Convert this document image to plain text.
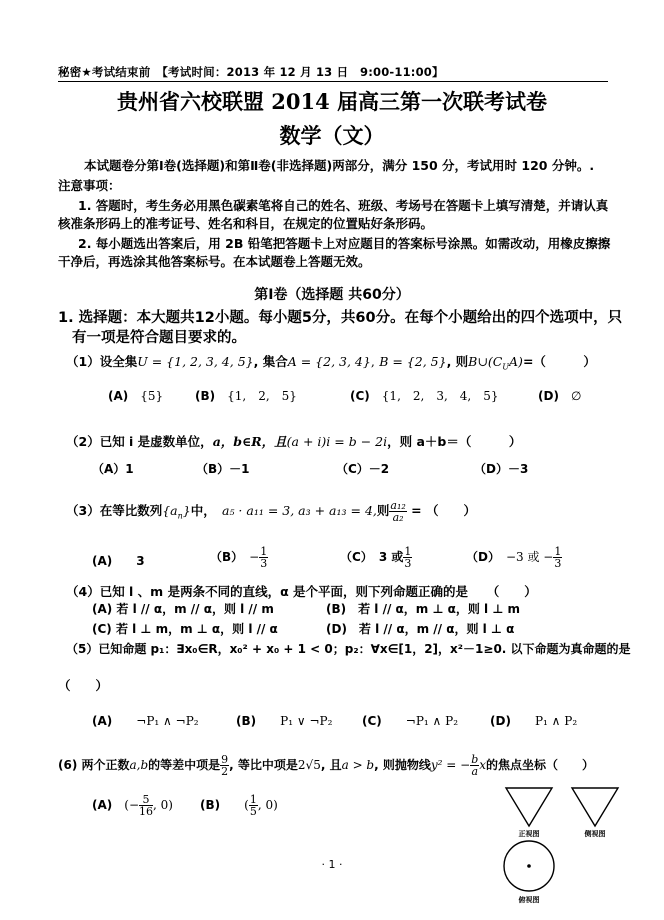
秘密★考试结束前　【考试时间：2013 年 12 月 13 日　9:00-11:00】
贵州省六校联盟 2014 届高三第一次联考试卷
数学（文）
本试题卷分第Ⅰ卷(选择题)和第Ⅱ卷(非选择题)两部分，满分 150 分，考试用时 120 分钟。.
注意事项：
1. 答题时，考生务必用黑色碳素笔将自己的姓名、班级、考场号在答题卡上填写清楚，并请认真
核准条形码上的准考证号、姓名和科目，在规定的位置贴好条形码。
2. 每小题选出答案后，用 2B 铅笔把答题卡上对应题目的答案标号涂黑。如需改动，用橡皮擦擦
干净后，再选涂其他答案标号。在本试题卷上答题无效。
第Ⅰ卷（选择题 共60分）
1. 选择题：本大题共12小题。每小题5分，共60分。在每个小题给出的四个选项中，只
有一项是符合题目要求的。
（1）设全集U = {1, 2, 3, 4, 5}, 集合A = {2, 3, 4}, B = {2, 5}, 则$B\cup(C_UA)=$（　　　）
(A)　 {5}	(B)　 {1,　2,　5}	(C)　 {1,　2,　3,　4,　5}	(D)　 ∅
（2）已知 i 是虚数单位，a，b∈R，且(a + i)i = b − 2i，则 a＋b＝（　　　）
（A）1	（B）－1	（C）－2	（D）－3
（3）在等比数列$\{a_n\}$中，　 a₅ · a₁₁ = 3, a₃ + a₁₃ = 4,则 $\frac{\text{a₁₂}}{\text{a₂}}$ = （　　）
(A)　　 3	（B）　 − $\frac{1}{3}$	（C）　 3 或 $\frac{1}{3}$	（D）　 −3 或 − $\frac{1}{3}$
（4）已知 l 、m 是两条不同的直线，α 是个平面，则下列命题正确的是　　（　　）
(A) 若 l // α，m // α，则 l // m	(B)　若 l // α，m ⊥ α，则 l ⊥ m
(C) 若 l ⊥ m，m ⊥ α，则 l // α	(D)　若 l // α，m // α，则 l ⊥ α
（5）已知命题 p₁：∃x₀∈R，x₀² + x₀ + 1 < 0；p₂：∀x∈[1，2]，x²－1≥0. 以下命题为真命题的是
（　　）
(A)　　 ¬P₁ ∧ ¬P₂	(B)　　 P₁ ∨ ¬P₂ (C)　　 ¬P₁ ∧ P₂	(D)　　 P₁ ∧ P₂
(6) 两个正数a,b的等差中项是 $\frac{9}{2}$ , 等比中项是2√5, 且a > b, 则抛物线y² = − $\frac{b}{a}$ x的焦点坐标（　　）
(A)　 (− $\frac{5}{16}$ , 0) (B)　　 ( $\frac{1}{5}$ , 0)
正视图	侧视图
俯视图
· 1 ·
